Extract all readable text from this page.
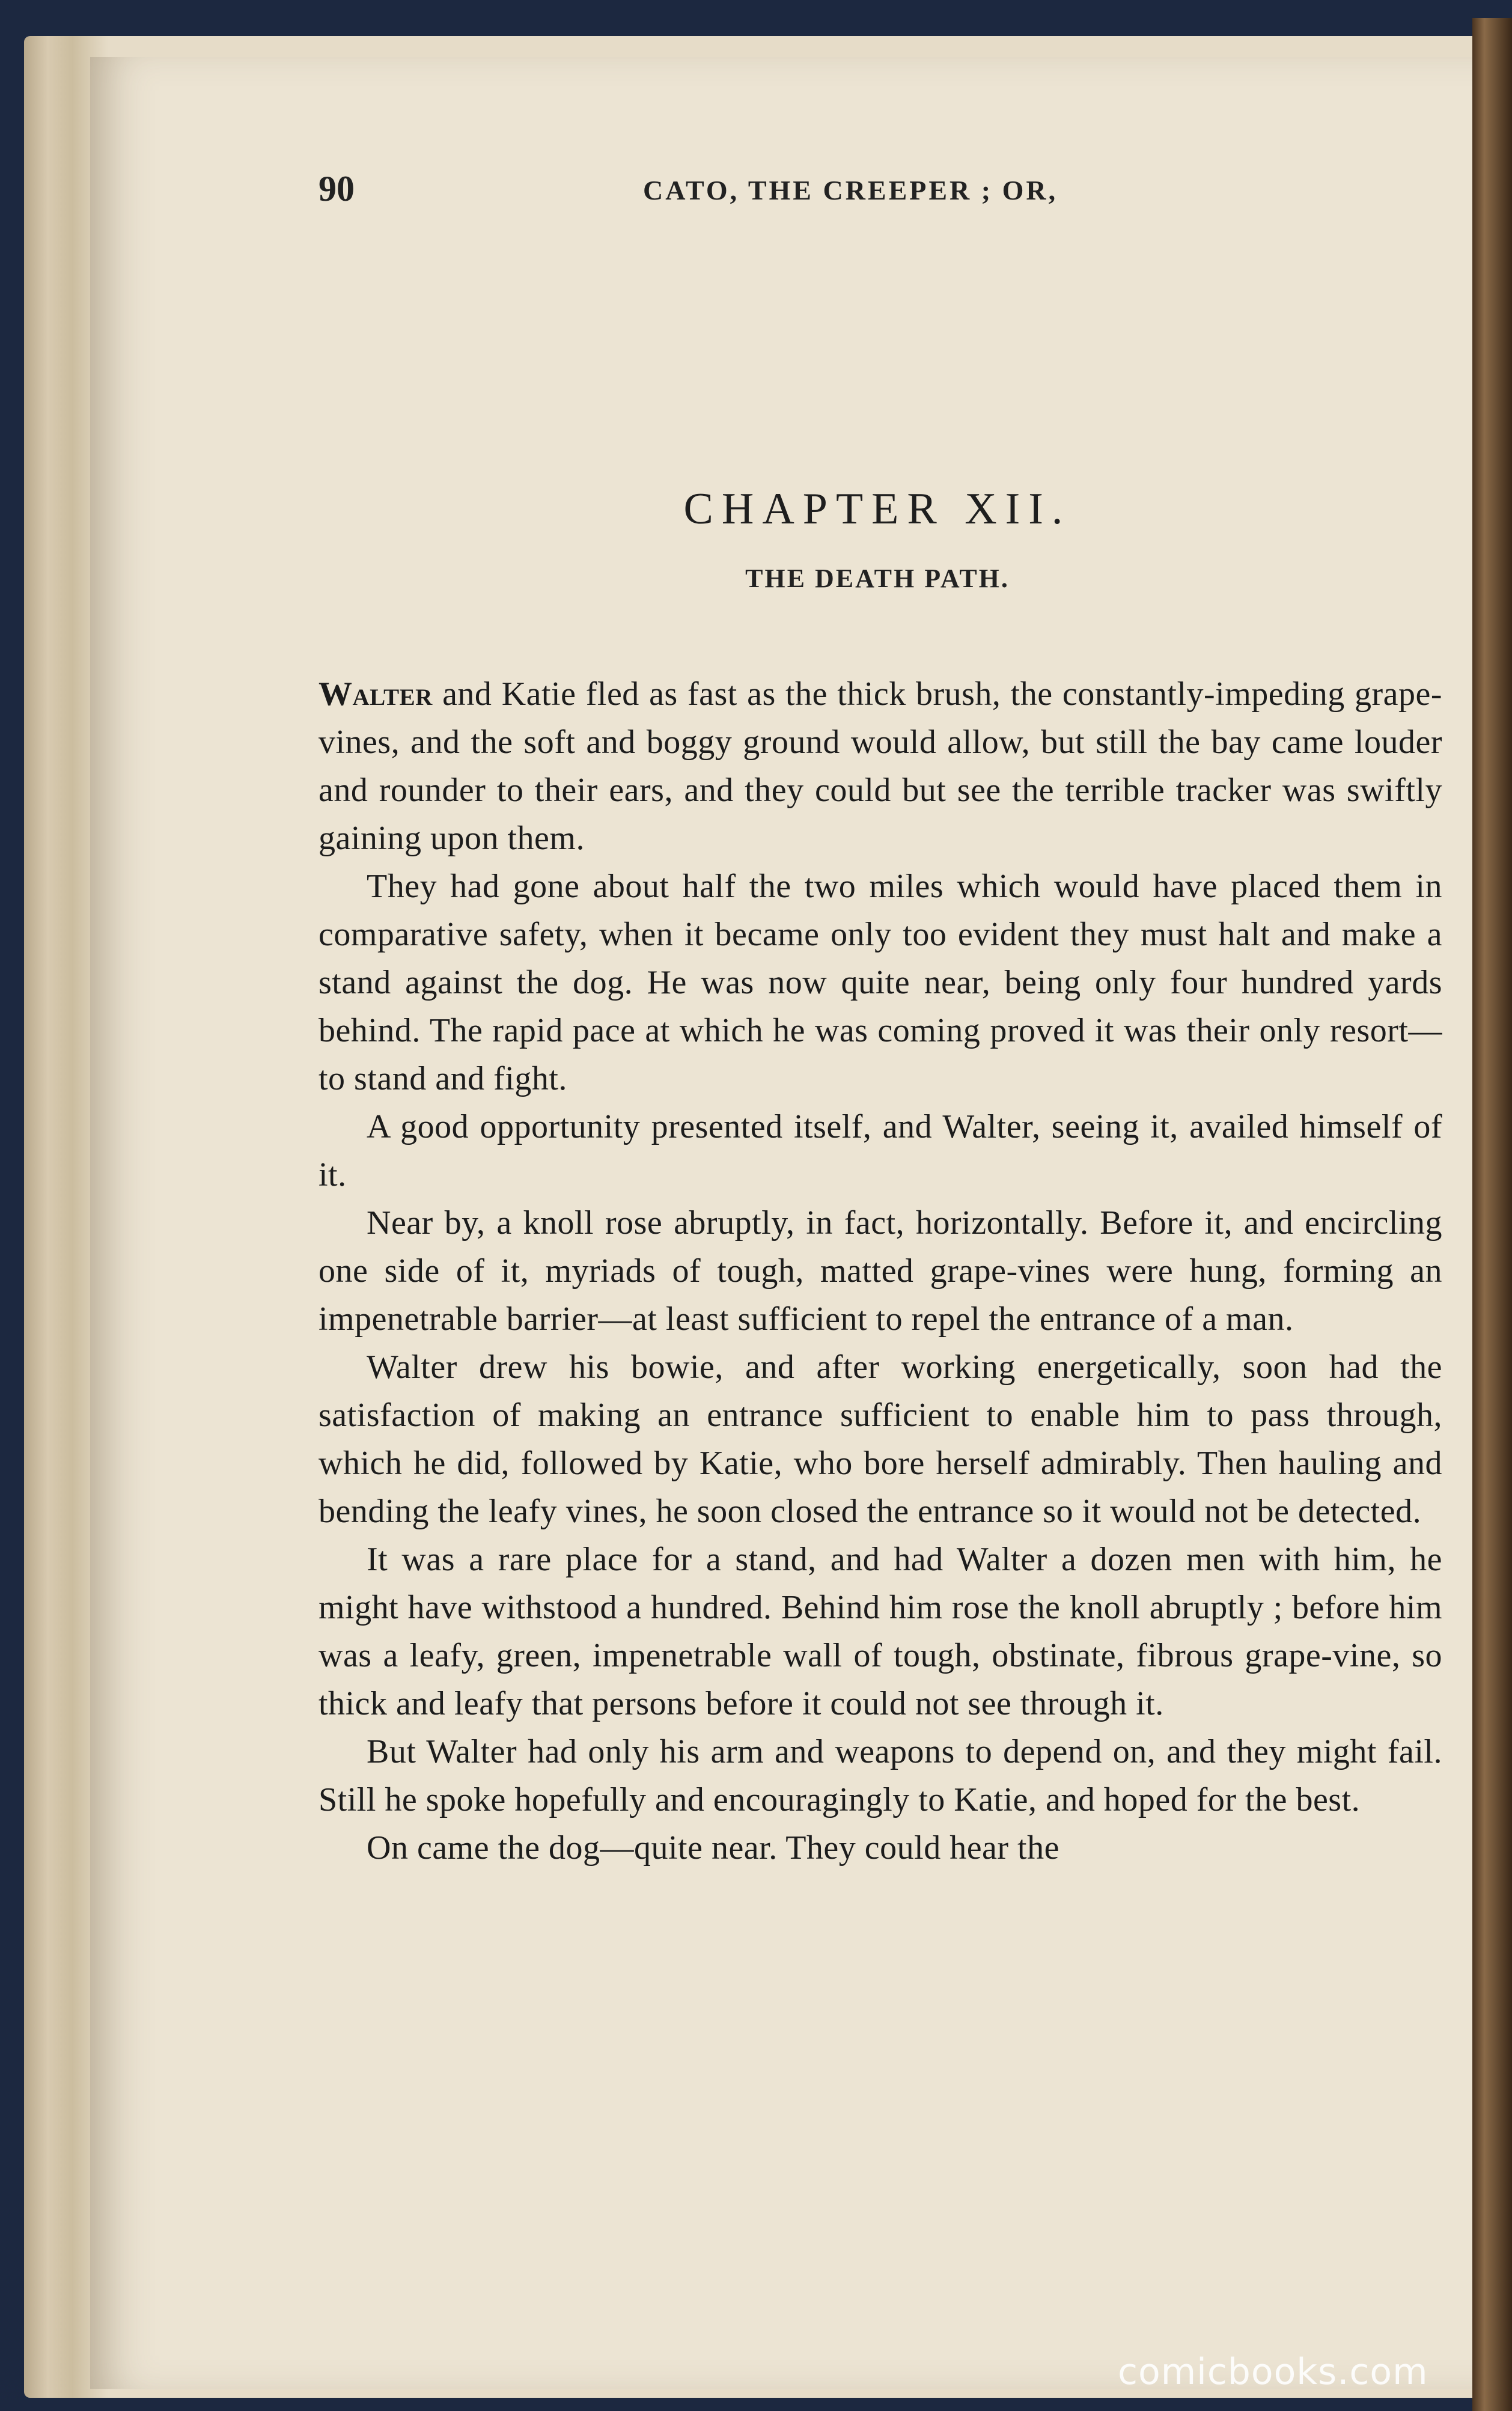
90	CATO, THE CREEPER ; OR,
CHAPTER XII.
THE DEATH PATH.

Walter and Katie fled as fast as the thick brush, the constantly-impeding grape-vines, and the soft and boggy ground would allow, but still the bay came louder and rounder to their ears, and they could but see the terrible tracker was swiftly gaining upon them.

They had gone about half the two miles which would have placed them in comparative safety, when it became only too evident they must halt and make a stand against the dog. He was now quite near, being only four hundred yards behind. The rapid pace at which he was coming proved it was their only resort—to stand and fight.

A good opportunity presented itself, and Walter, seeing it, availed himself of it.

Near by, a knoll rose abruptly, in fact, horizontally. Before it, and encircling one side of it, myriads of tough, matted grape-vines were hung, forming an impenetrable barrier—at least sufficient to repel the entrance of a man.

Walter drew his bowie, and after working energetically, soon had the satisfaction of making an entrance sufficient to enable him to pass through, which he did, followed by Katie, who bore herself admirably. Then hauling and bending the leafy vines, he soon closed the entrance so it would not be detected.

It was a rare place for a stand, and had Walter a dozen men with him, he might have withstood a hundred. Behind him rose the knoll abruptly ; before him was a leafy, green, impenetrable wall of tough, obstinate, fibrous grape-vine, so thick and leafy that persons before it could not see through it.

But Walter had only his arm and weapons to depend on, and they might fail. Still he spoke hopefully and encouragingly to Katie, and hoped for the best.

On came the dog—quite near. They could hear the

comicbooks.com
